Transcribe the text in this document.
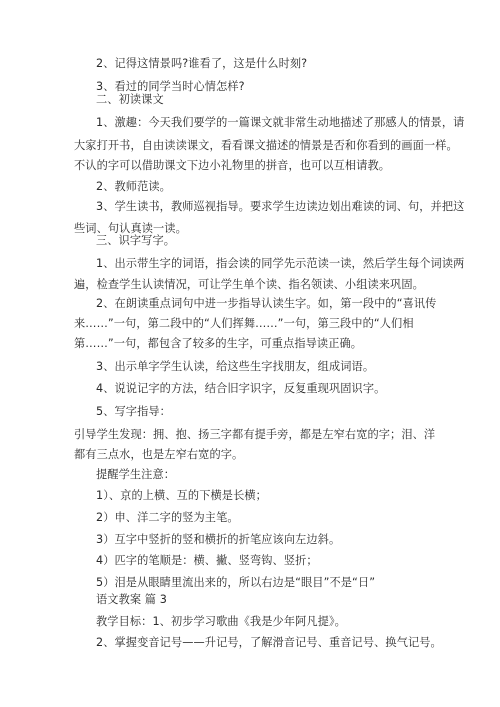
2、记得这情景吗?谁看了，这是什么时刻?
3、看过的同学当时心情怎样?
二、初读课文
1、激趣：今天我们要学的一篇课文就非常生动地描述了那感人的情景，请
大家打开书，自由读读课文，看看课文描述的情景是否和你看到的画面一样。
不认的字可以借助课文下边小礼物里的拼音，也可以互相请教。
2、教师范读。
3、学生读书，教师巡视指导。要求学生边读边划出难读的词、句，并把这
些词、句认真读一读。
三、识字写字。
1、出示带生字的词语，指会读的同学先示范读一读，然后学生每个词读两
遍，检查学生认读情况，可让学生单个读、指名领读、小组读来巩固。
2、在朗读重点词句中进一步指导认读生字。如，第一段中的“喜讯传
来……”一句，第二段中的“人们挥舞……”一句，第三段中的“人们相
第……”一句，都包含了较多的生字，可重点指导读正确。
3、出示单字学生认读，给这些生字找朋友，组成词语。
4、说说记字的方法，结合旧字识字，反复重现巩固识字。
5、写字指导：
引导学生发现：拥、抱、扬三字都有提手旁，都是左窄右宽的字；泪、洋
都有三点水，也是左窄右宽的字。
提醒学生注意：
1）、京的上横、互的下横是长横；
2）申、洋二字的竖为主笔。
3）互字中竖折的竖和横折的折笔应该向左边斜。
4）匹字的笔顺是：横、撇、竖弯钩、竖折；
5）泪是从眼睛里流出来的，所以右边是“眼目”不是“日”
语文教案 篇 3
教学目标：1、初步学习歌曲《我是少年阿凡提》。
2、掌握变音记号——升记号，了解滑音记号、重音记号、换气记号。
